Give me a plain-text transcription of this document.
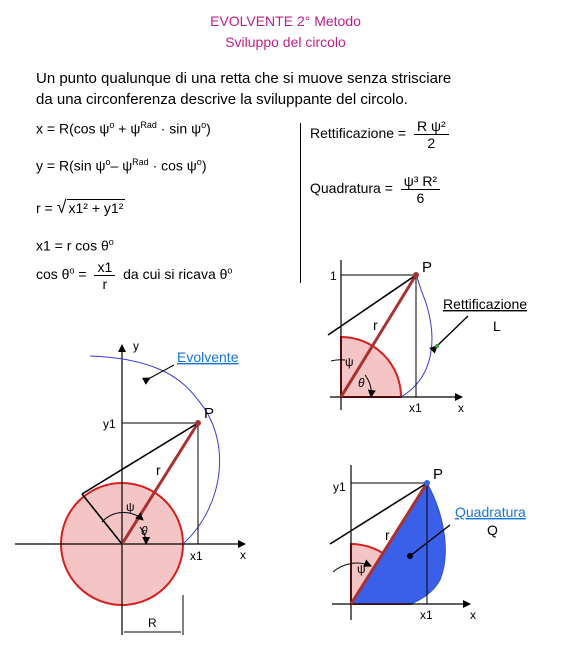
EVOLVENTE 2° Metodo
Sviluppo del circolo
Un punto qualunque di una retta che si muove senza strisciare
da una circonferenza descrive la sviluppante del circolo.
x = R(cos $\psi^o + \psi^{Rad} \cdot \sin \psi^o$)
y = R(sin $\psi^o-$ $\psi^{Rad} \cdot \cos \psi^o$)
r = √ x1² + y1²
x1 = r $\cos \theta^o$
$\cos \theta^o = \frac{x1}{r}$ da cui si ricava $\theta^o$
Rettificazione = $\frac{\text{R ψ²}}{2}$
Quadratura = $\frac{\text{ψ³ R²}}{6}$
y
x
y1
x1
P
r
ψ
θ
R
Evolvente
1	P
r
ψ
θ
x1	x
Rettificazione
L
y1
P
r
ψ
x1	x
Quadratura
Q
